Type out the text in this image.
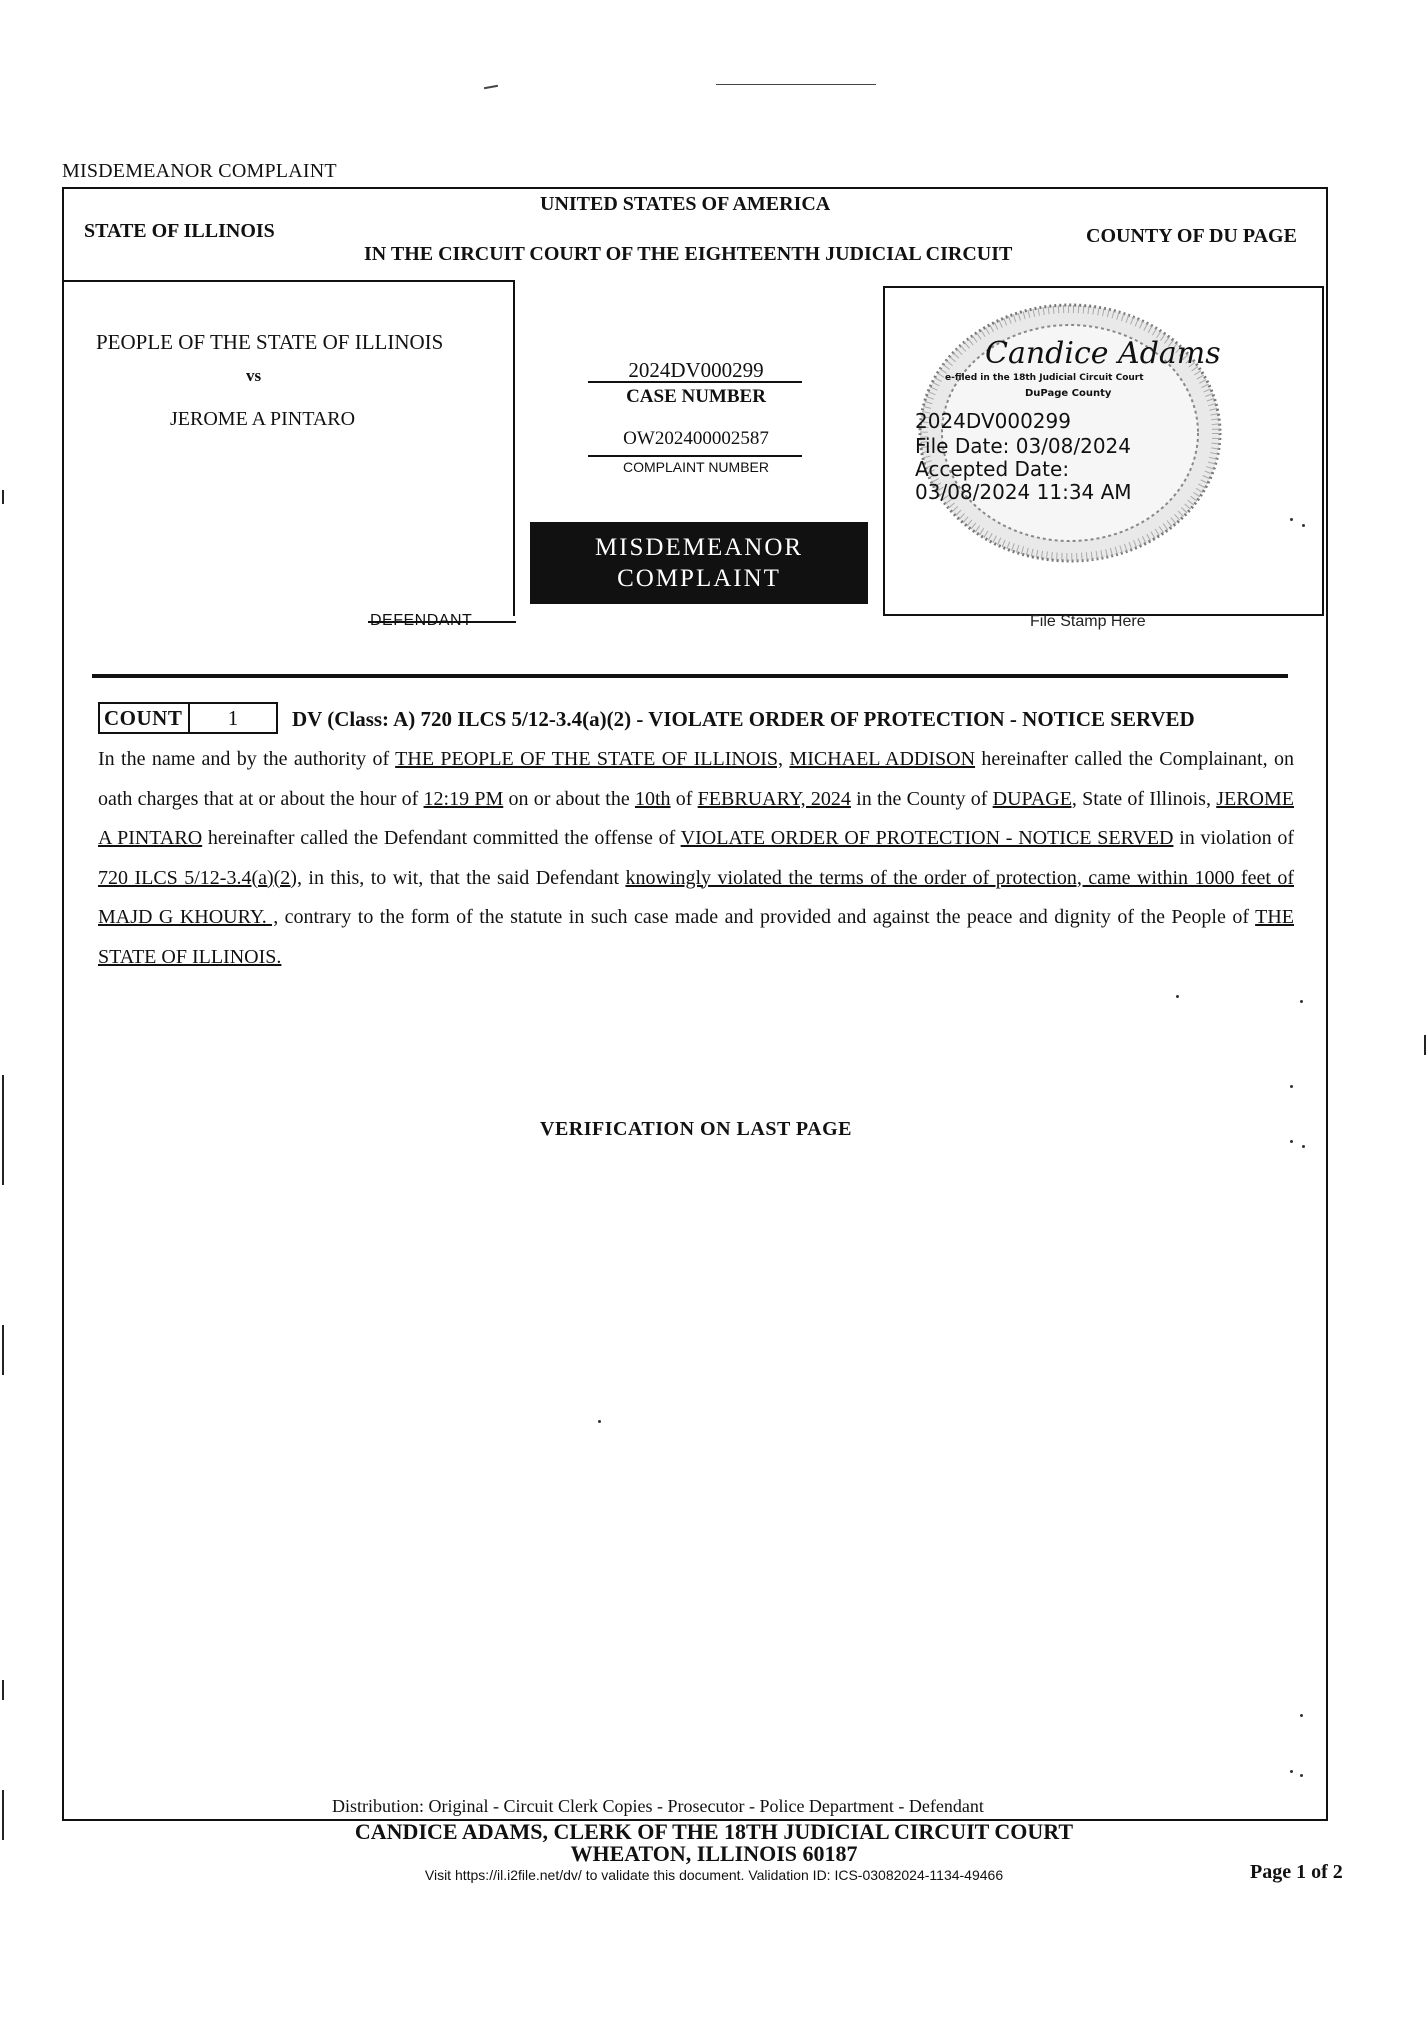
MISDEMEANOR COMPLAINT
STATE OF ILLINOIS
UNITED STATES OF AMERICA
IN THE CIRCUIT COURT OF THE EIGHTEENTH JUDICIAL CIRCUIT
COUNTY OF DU PAGE
PEOPLE OF THE STATE OF ILLINOIS
vs
JEROME A PINTARO
DEFENDANT
2024DV000299
CASE NUMBER
OW202400002587
COMPLAINT NUMBER
MISDEMEANOR
COMPLAINT
Candice Adams
e-filed in the 18th Judicial Circuit Court
DuPage County
2024DV000299
File Date: 03/08/2024
Accepted Date:
03/08/2024 11:34 AM
File Stamp Here
COUNT	1	DV (Class: A) 720 ILCS 5/12-3.4(a)(2) - VIOLATE ORDER OF PROTECTION - NOTICE SERVED
In the name and by the authority of THE PEOPLE OF THE STATE OF ILLINOIS, MICHAEL ADDISON hereinafter called the Complainant, on oath charges that at or about the hour of 12:19 PM on or about the 10th of FEBRUARY, 2024 in the County of DUPAGE, State of Illinois, JEROME A PINTARO hereinafter called the Defendant committed the offense of VIOLATE ORDER OF PROTECTION - NOTICE SERVED in violation of 720 ILCS 5/12-3.4(a)(2), in this, to wit, that the said Defendant knowingly violated the terms of the order of protection, came within 1000 feet of MAJD G KHOURY. , contrary to the form of the statute in such case made and provided and against the peace and dignity of the People of THE STATE OF ILLINOIS.
VERIFICATION ON LAST PAGE
Distribution: Original - Circuit Clerk Copies - Prosecutor - Police Department - Defendant
CANDICE ADAMS, CLERK OF THE 18TH JUDICIAL CIRCUIT COURT
WHEATON, ILLINOIS 60187
Visit https://il.i2file.net/dv/ to validate this document. Validation ID: ICS-03082024-1134-49466	Page 1 of 2
